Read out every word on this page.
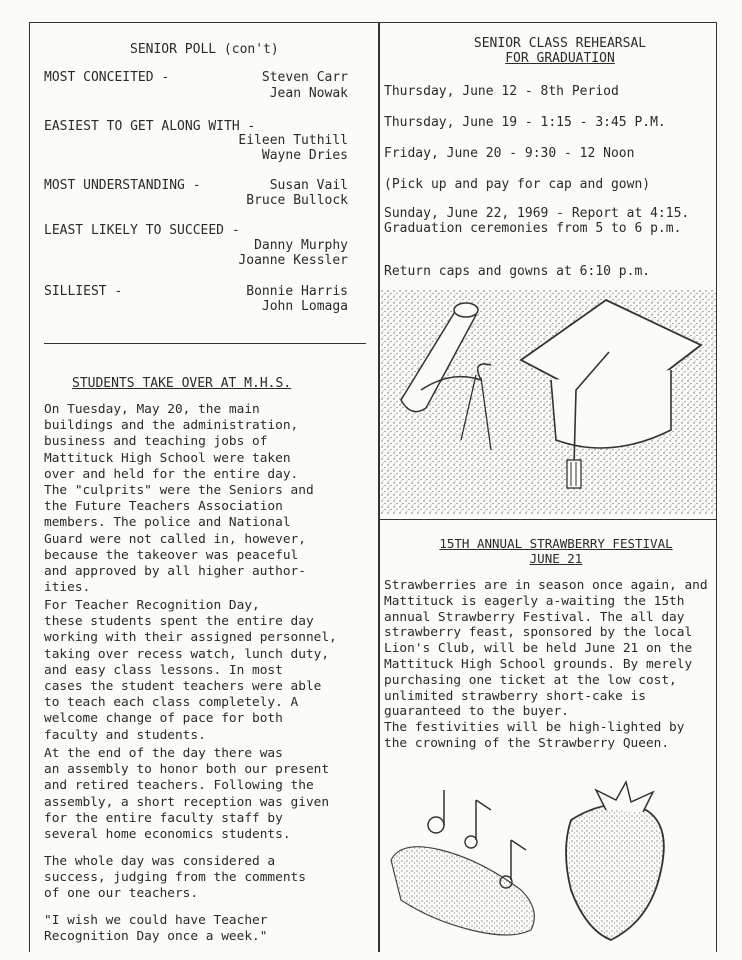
SENIOR POLL (con't)
MOST CONCEITED -	Steven Carr
Jean Nowak
EASIEST TO GET ALONG WITH -
Eileen Tuthill
Wayne Dries
MOST UNDERSTANDING -	Susan Vail
Bruce Bullock
LEAST LIKELY TO SUCCEED -
Danny Murphy
Joanne Kessler
SILLIEST -	Bonnie Harris
John Lomaga
STUDENTS TAKE OVER AT M.H.S.

On Tuesday, May 20, the main
buildings and the administration,
business and teaching jobs of
Mattituck High School were taken
over and held for the entire day.
The "culprits" were the Seniors and
the Future Teachers Association
members. The police and National
Guard were not called in, however,
because the takeover was peaceful
and approved by all higher author-
ities.

For Teacher Recognition Day,
these students spent the entire day
working with their assigned personnel,
taking over recess watch, lunch duty,
and easy class lessons. In most
cases the student teachers were able
to teach each class completely. A
welcome change of pace for both
faculty and students.

At the end of the day there was
an assembly to honor both our present
and retired teachers. Following the
assembly, a short reception was given
for the entire faculty staff by
several home economics students.

The whole day was considered a
success, judging from the comments
of one our teachers.

"I wish we could have Teacher
Recognition Day once a week."

SENIOR CLASS REHEARSAL
FOR GRADUATION
Thursday, June 12 - 8th Period
Thursday, June 19 - 1:15 - 3:45 P.M.
Friday, June 20 - 9:30 - 12 Noon
(Pick up and pay for cap and gown)

Sunday, June 22, 1969 - Report at 4:15. Graduation ceremonies from 5 to 6 p.m.

Return caps and gowns at 6:10 p.m.
15TH ANNUAL STRAWBERRY FESTIVAL
JUNE 21

Strawberries are in season once again, and Mattituck is eagerly a-waiting the 15th annual Strawberry Festival. The all day strawberry feast, sponsored by the local Lion's Club, will be held June 21 on the Mattituck High School grounds. By merely purchasing one ticket at the low cost, unlimited strawberry short-cake is guaranteed to the buyer.

The festivities will be high-lighted by the crowning of the Strawberry Queen.
